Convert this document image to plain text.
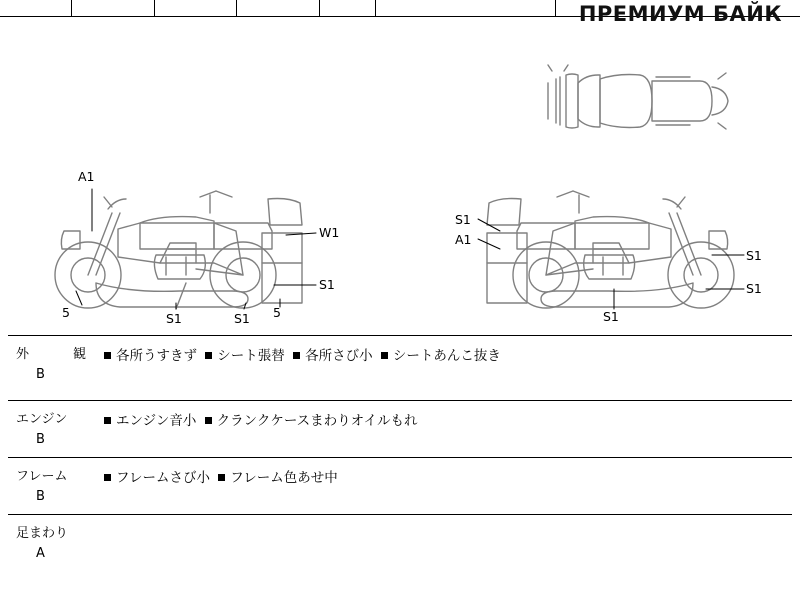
ПРЕМИУМ БАЙК
A1
W1
S1
5	S1	S1 5
S1
A1
S1
S1
S1
外　　観
B
各所うすきず シート張替 各所さび小 シートあんこ抜き
エンジン
B
エンジン音小 クランクケースまわりオイルもれ
フレーム
B
フレームさび小 フレーム色あせ中
足まわり
A
